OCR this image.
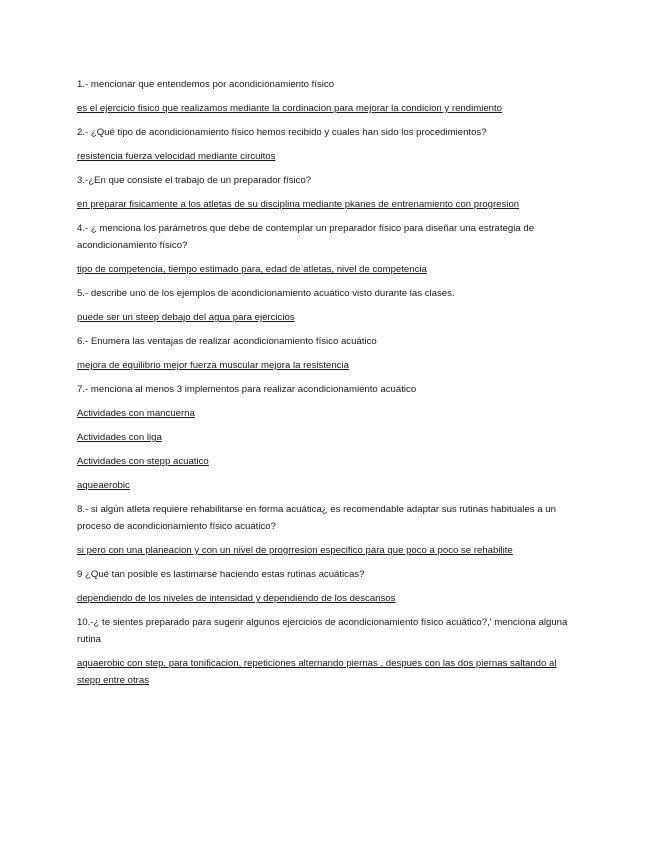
1.- mencionar que entendemos por acondicionamiento físico

es el ejercicio fisico que realizamos mediante la cordinacion para mejorar la condicion y rendimiento

2.- ¿Qué tipo de acondicionamiento físico hemos recibido y cuales han sido los procedimientos?

resistencia fuerza velocidad mediante circuitos

3.-¿En que consiste el trabajo de un preparador físico?

en preparar fisicamente a los atletas de su disciplina mediante pkanes de entrenamiento con progresion

4.- ¿ menciona los parámetros que debe de contemplar un preparador físico para diseñar una estrategia de acondicionamiento físico?

tipo de competencia, tiempo estimado para, edad de atletas, nivel de competencia

5.- describe uno de los ejemplos de acondicionamiento acuático visto durante las clases.

puede ser un steep debajo del agua para ejercicios

6.- Enumera las ventajas de realizar acondicionamiento físico acuático

mejora de equilibrio mejor fuerza muscular mejora la resistencia

7.- menciona al menos 3 implementos para realizar acondicionamiento acuático

Actividades con mancuerna

Actividades con liga

Actividades con stepp acuatico

aqueaerobic

8.- si algún atleta requiere rehabilitarse en forma acuática¿ es recomendable adaptar sus rutinas habituales a un proceso de acondicionamiento físico acuático?

si pero con una planeacion y con un nivel de progrresion especifico para que poco a poco se rehabilite

9 ¿Qué tan posible es lastimarse haciendo estas rutinas acuáticas?

dependiendo de los niveles de intensidad y dependiendo de los descansos

10.-¿ te sientes preparado para sugerir algunos ejercicios de acondicionamiento físico acuático?,' menciona alguna rutina

aquaerobic con step, para tonificacion, repeticiones alternando piernas , despues con las dos piernas saltando al stepp entre otras
